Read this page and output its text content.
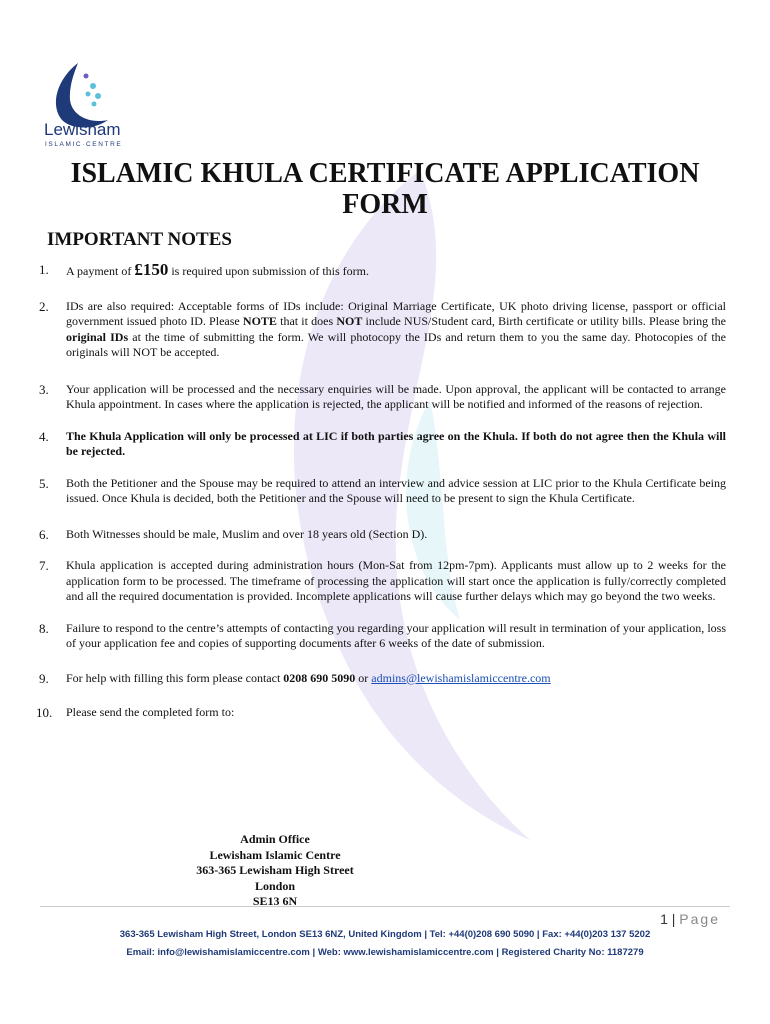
Lewisham
ISLAMIC·CENTRE
ISLAMIC KHULA CERTIFICATE APPLICATION
FORM
IMPORTANT NOTES
1. A payment of £150 is required upon submission of this form.
2. IDs are also required: Acceptable forms of IDs include: Original Marriage Certificate, UK photo driving license, passport or official government issued photo ID. Please NOTE that it does NOT include NUS/Student card, Birth certificate or utility bills. Please bring the original IDs at the time of submitting the form. We will photocopy the IDs and return them to you the same day. Photocopies of the originals will NOT be accepted.
3. Your application will be processed and the necessary enquiries will be made. Upon approval, the applicant will be contacted to arrange Khula appointment. In cases where the application is rejected, the applicant will be notified and informed of the reasons of rejection.
4. The Khula Application will only be processed at LIC if both parties agree on the Khula. If both do not agree then the Khula will be rejected.
5. Both the Petitioner and the Spouse may be required to attend an interview and advice session at LIC prior to the Khula Certificate being issued. Once Khula is decided, both the Petitioner and the Spouse will need to be present to sign the Khula Certificate.
6. Both Witnesses should be male, Muslim and over 18 years old (Section D).
7. Khula application is accepted during administration hours (Mon-Sat from 12pm-7pm). Applicants must allow up to 2 weeks for the application form to be processed. The timeframe of processing the application will start once the application is fully/correctly completed and all the required documentation is provided. Incomplete applications will cause further delays which may go beyond the two weeks.
8. Failure to respond to the centre’s attempts of contacting you regarding your application will result in termination of your application, loss of your application fee and copies of supporting documents after 6 weeks of the date of submission.
9. For help with filling this form please contact 0208 690 5090 or admins@lewishamislamiccentre.com
10. Please send the completed form to:
Admin Office
Lewisham Islamic Centre
363-365 Lewisham High Street
London
SE13 6N
1 | Page
363-365 Lewisham High Street, London SE13 6NZ, United Kingdom | Tel: +44(0)208 690 5090 | Fax: +44(0)203 137 5202
Email: info@lewishamislamiccentre.com | Web: www.lewishamislamiccentre.com | Registered Charity No: 1187279
